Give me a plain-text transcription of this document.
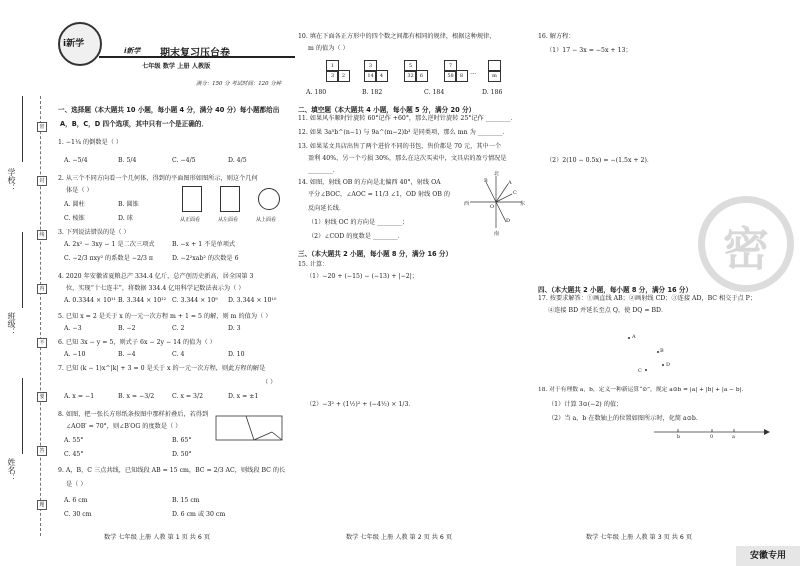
学校：
班级：
姓名：
密
封
线
内
不
要
答
题
i新学
i新学 期末复习压台卷
七年级 数学 上册 人教版
满分：150 分 考试时间：120 分钟
一、选择题（本大题共 10 小题，每小题 4 分，满分 40 分）每小题都给出
A，B，C，D 四个选项，其中只有一个是正确的．
1. −1¼ 的倒数是（ ）
A. −5/4	B. 5/4	C. −4/5	D. 4/5
2. 从三个不同方向看一个几何体，得到的平面图形如图所示，则这个几何
体是（ ）
A. 圆柱	B. 圆锥
C. 棱锥	D. 球	从正面看	从左面看	从上面看
3. 下列说法错误的是（ ）
A. 2x² − 3xy − 1 是二次三项式	B. −x + 1 不是单项式
C. −2/3 πxy² 的系数是 −2/3 π	D. −2²xab² 的次数是 6
4. 2020 年安徽省夏粮总产 334.4 亿斤，总产创历史新高，居全国第 3
位，实现“十七连丰”，将数据 334.4 亿用科学记数法表示为（ ）
A. 0.3344 × 10¹¹ B. 3.344 × 10¹² C. 3.344 × 10⁹ D. 3.344 × 10¹⁰
5. 已知 x = 2 是关于 x 的一元一次方程 m + 1 = 5 的解，则 m 的值为（ ）
A. −3	B. −2	C. 2	D. 3
6. 已知 3x − y = 5，则式子 6x − 2y − 14 的值为（ ）
A. −10	B. −4	C. 4	D. 10
7. 已知 (k − 1)x^|k| + 3 = 0 是关于 x 的一元一次方程，则此方程的解是
（ ）
A. x = −1	B. x = −3/2	C. x = 3/2	D. x = ±1
8. 如图，把一张长方形纸条按图中那样折叠后，若得到
∠AOB′ = 70°，则∠B′OG 的度数是（ ）
A. 55°	B. 65°
C. 45°	D. 50°
9. A，B，C 三点共线，已知线段 AB = 15 cm，BC = 2/3 AC，则线段 BC 的长
是（ ）
A. 6 cm	B. 15 cm
C. 30 cm	D. 6 cm 或 30 cm
数学 七年级 上册 人教 第 1 页 共 6 页
10. 填在下面各正方形中的四个数之间都有相同的规律，根据这种规律，
m 的值为（ ）
1
3	2
3
14	4
5
32	6
7
58	8	…	m
A. 180	B. 182	C. 184	D. 186
二、填空题（本大题共 4 小题，每小题 5 分，满分 20 分）
11. 如果风车顺时针旋转 60°记作 +60°，那么逆时针旋转 25°记作 ________．
12. 如果 3a⁵b^(n−1) 与 9a^(m−2)b³ 是同类项，那么 mn 为 ________．
13. 如果某文具店出售了两个进价不同的书包，售价都是 70 元，其中一个
盈利 40%，另一个亏损 30%，那么在这次买卖中，文具店的盈亏情况是
________．
14. 如图，射线 OB 的方向是北偏西 40°，射线 OA
平分∠BOC，∠AOC = 11/3 ∠1，OD 射线 OB 的
反向延长线．
（1）射线 OC 的方向是 ________；
（2）∠COD 的度数是 ________．
北
南
西	东
B	A
C
D
O
三、（本大题共 2 小题，每小题 8 分，满分 16 分）
15. 计算：
（1）−20 + (−15) − (−13) + |−2|；
（2）−3² + (1½)² + (−4½) × 1/3．
数学 七年级 上册 人教 第 2 页 共 6 页
密
16. 解方程：
（1）17 − 3x = −5x + 13；
（2）2(10 − 0.5x) = −(1.5x + 2)．
四、（本大题共 2 小题，每小题 8 分，满分 16 分）
17. 按要求解答：①画直线 AB；②画射线 CD；③连接 AD，BC 相交于点 P；
④连接 BD 并延长至点 Q，使 DQ = BD．
A
B
C
D
18. 对于有理数 a，b，定义一种新运算“⊙”，规定 a⊙b = |a| + |b| + |a − b|．
（1）计算 3⊙(−2) 的值；
（2）当 a，b 在数轴上的位置如图所示时，化简 a⊙b．
b	0	a
数学 七年级 上册 人教 第 3 页 共 6 页
安徽专用
